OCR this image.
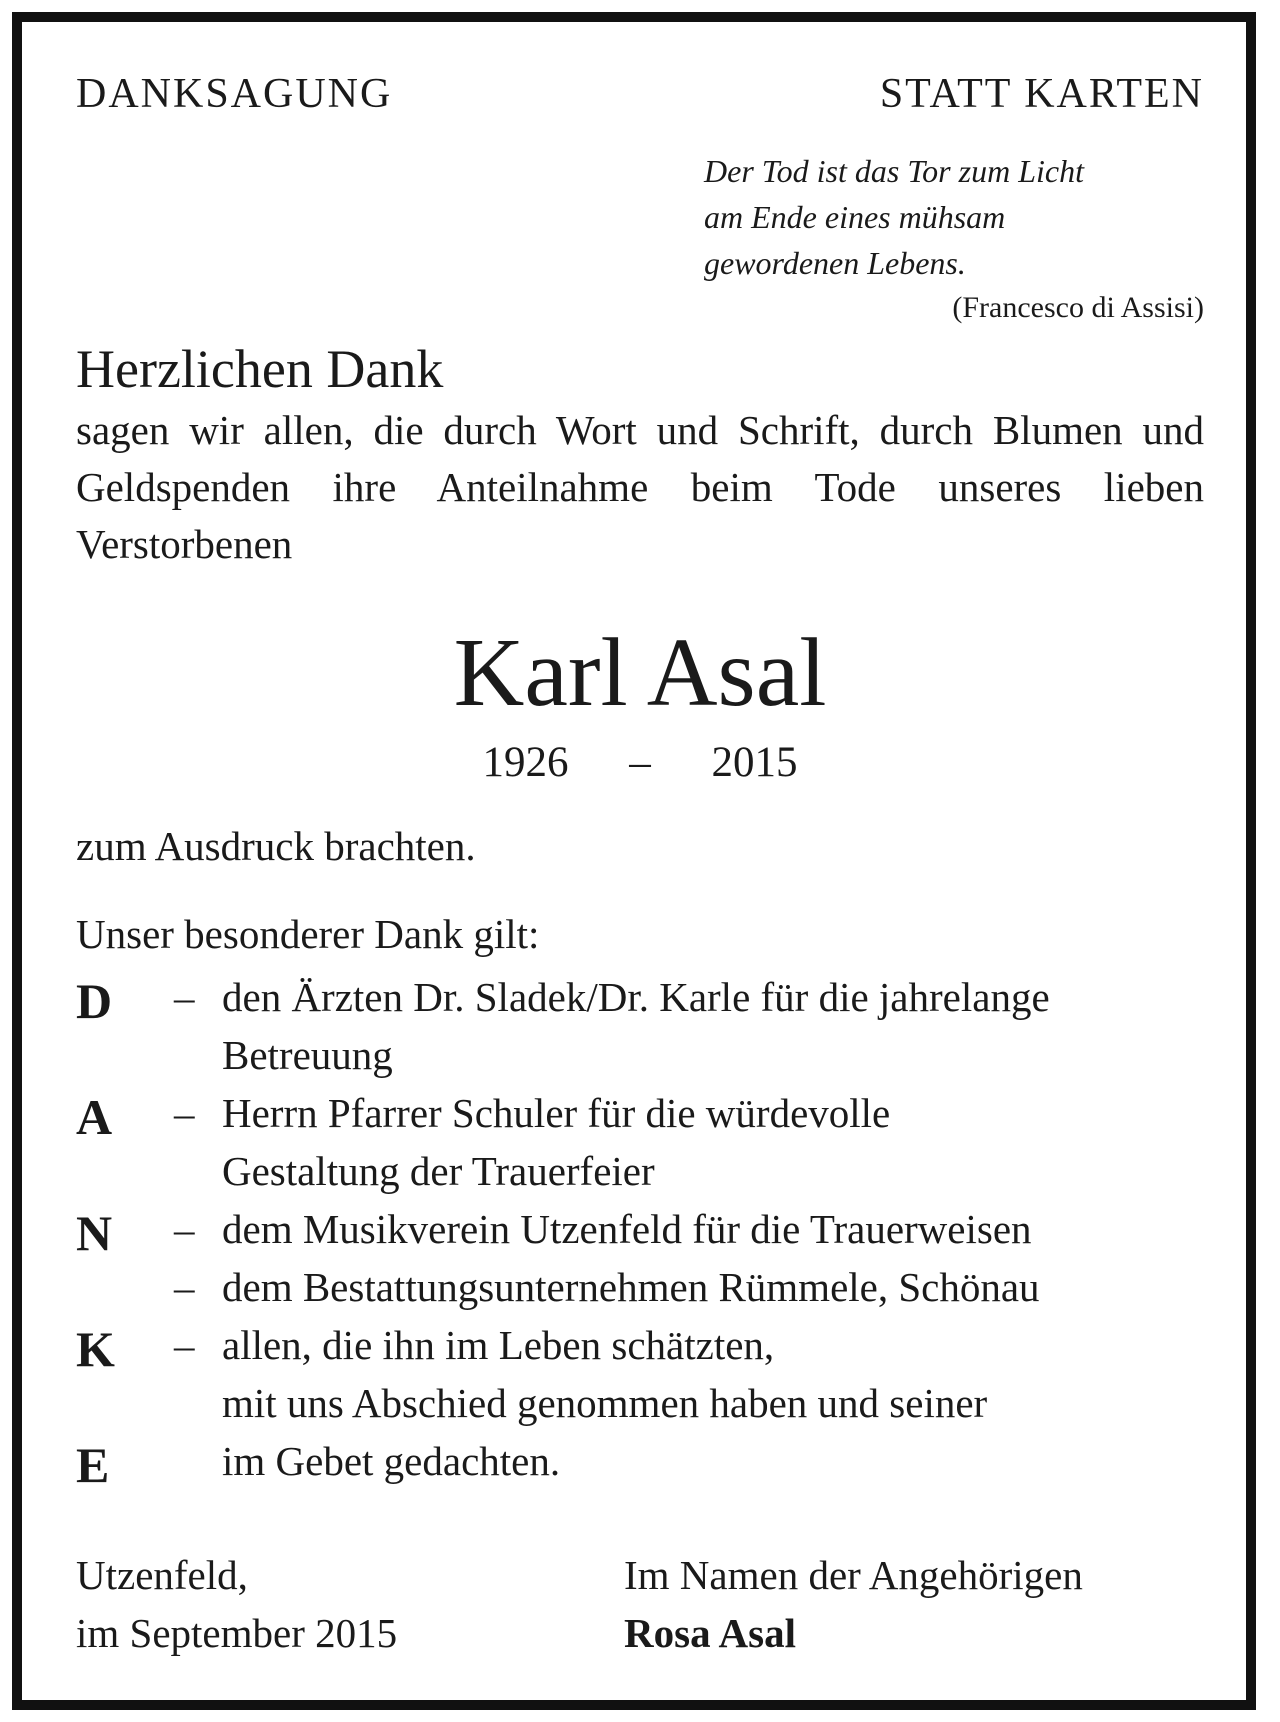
DANKSAGUNG	STATT KARTEN
Der Tod ist das Tor zum Licht
am Ende eines mühsam
gewordenen Lebens.
(Francesco di Assisi)
Herzlichen Dank
sagen wir allen, die durch Wort und Schrift, durch Blumen und Geldspenden ihre Anteilnahme beim Tode unseres lieben Verstorbenen
Karl Asal
1926 – 2015
zum Ausdruck brachten.
Unser besonderer Dank gilt:
D – den Ärzten Dr. Sladek/Dr. Karle für die jahrelange
Betreuung
A – Herrn Pfarrer Schuler für die würdevolle
Gestaltung der Trauerfeier
N – dem Musikverein Utzenfeld für die Trauerweisen
– dem Bestattungsunternehmen Rümmele, Schönau
K – allen, die ihn im Leben schätzten,
mit uns Abschied genommen haben und seiner
E	im Gebet gedachten.
Utzenfeld,
im September 2015
Im Namen der Angehörigen
Rosa Asal
